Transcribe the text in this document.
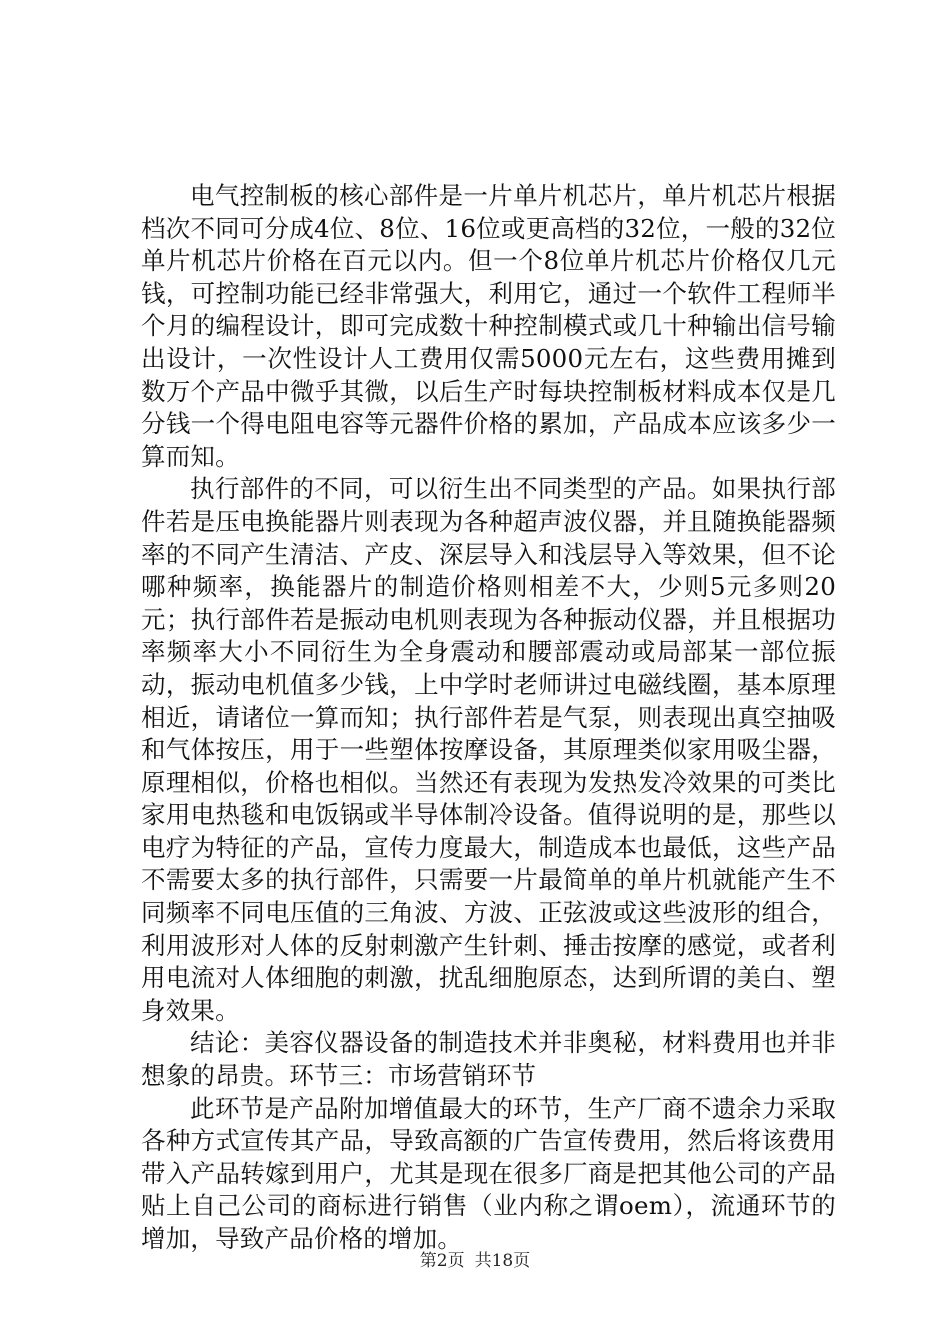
电气控制板的核心部件是一片单片机芯片，单片机芯片根据档次不同可分成4位、8位、16位或更高档的32位，一般的32位单片机芯片价格在百元以内。但一个8位单片机芯片价格仅几元钱，可控制功能已经非常强大，利用它，通过一个软件工程师半个月的编程设计，即可完成数十种控制模式或几十种输出信号输出设计，一次性设计人工费用仅需5000元左右，这些费用摊到数万个产品中微乎其微，以后生产时每块控制板材料成本仅是几分钱一个得电阻电容等元器件价格的累加，产品成本应该多少一算而知。

执行部件的不同，可以衍生出不同类型的产品。如果执行部件若是压电换能器片则表现为各种超声波仪器，并且随换能器频率的不同产生清洁、产皮、深层导入和浅层导入等效果，但不论哪种频率，换能器片的制造价格则相差不大，少则5元多则20元；执行部件若是振动电机则表现为各种振动仪器，并且根据功率频率大小不同衍生为全身震动和腰部震动或局部某一部位振动，振动电机值多少钱，上中学时老师讲过电磁线圈，基本原理相近，请诸位一算而知；执行部件若是气泵，则表现出真空抽吸和气体按压，用于一些塑体按摩设备，其原理类似家用吸尘器，原理相似，价格也相似。当然还有表现为发热发冷效果的可类比家用电热毯和电饭锅或半导体制冷设备。值得说明的是，那些以电疗为特征的产品，宣传力度最大，制造成本也最低，这些产品不需要太多的执行部件，只需要一片最简单的单片机就能产生不同频率不同电压值的三角波、方波、正弦波或这些波形的组合，利用波形对人体的反射刺激产生针刺、捶击按摩的感觉，或者利用电流对人体细胞的刺激，扰乱细胞原态，达到所谓的美白、塑身效果。

结论：美容仪器设备的制造技术并非奥秘，材料费用也并非想象的昂贵。环节三：市场营销环节

此环节是产品附加增值最大的环节，生产厂商不遗余力采取各种方式宣传其产品，导致高额的广告宣传费用，然后将该费用带入产品转嫁到用户，尤其是现在很多厂商是把其他公司的产品贴上自己公司的商标进行销售（业内称之谓oem），流通环节的增加，导致产品价格的增加。

第2页 共18页
